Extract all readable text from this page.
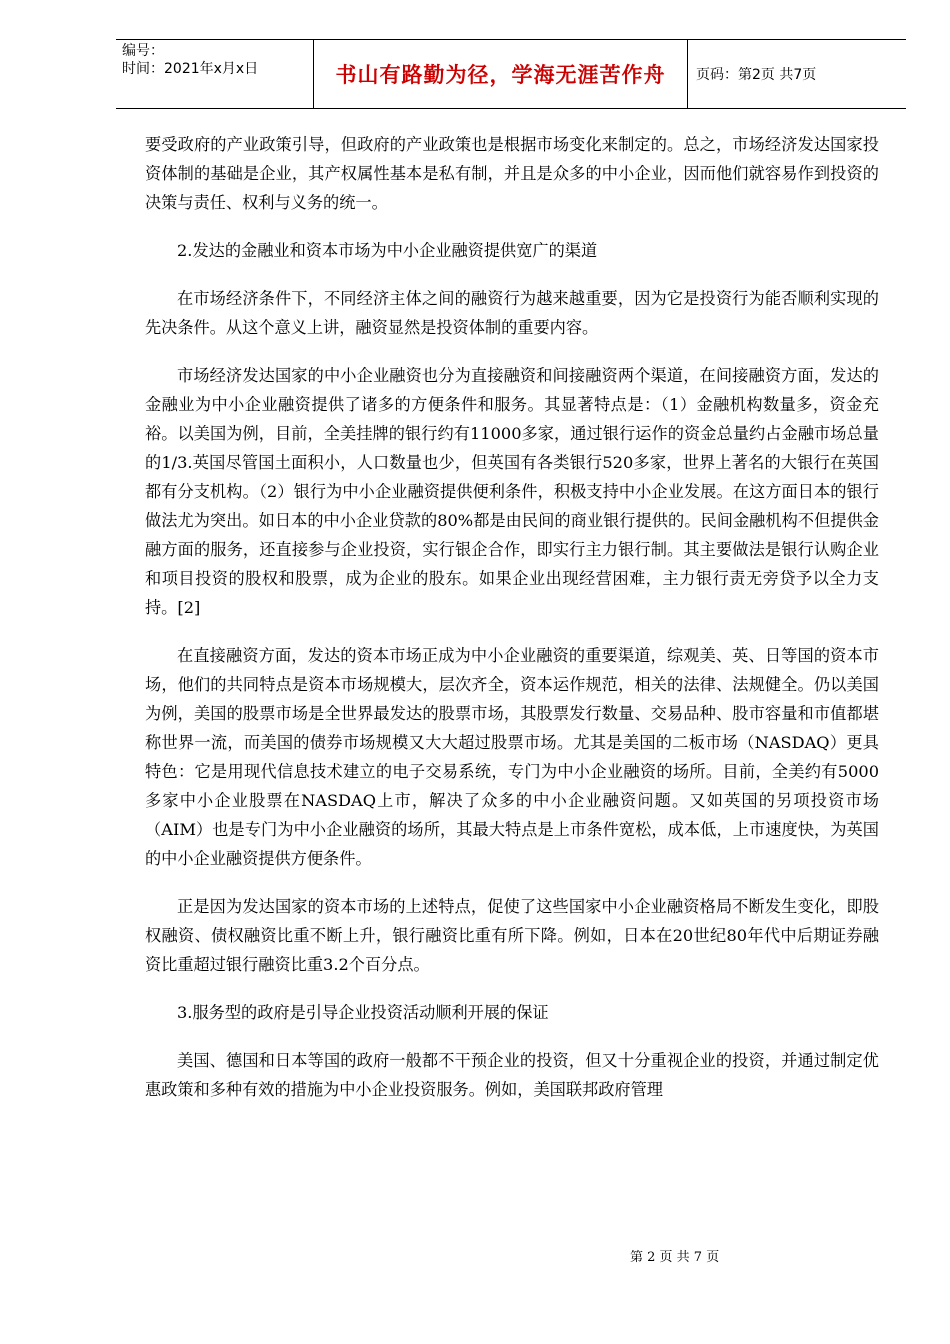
编号：
时间：2021年x月x日	书山有路勤为径，学海无涯苦作舟	页码：第2页 共7页

要受政府的产业政策引导，但政府的产业政策也是根据市场变化来制定的。总之，市场经济发达国家投资体制的基础是企业，其产权属性基本是私有制，并且是众多的中小企业，因而他们就容易作到投资的决策与责任、权利与义务的统一。

2.发达的金融业和资本市场为中小企业融资提供宽广的渠道

在市场经济条件下，不同经济主体之间的融资行为越来越重要，因为它是投资行为能否顺利实现的先决条件。从这个意义上讲，融资显然是投资体制的重要内容。

市场经济发达国家的中小企业融资也分为直接融资和间接融资两个渠道，在间接融资方面，发达的金融业为中小企业融资提供了诸多的方便条件和服务。其显著特点是：（1）金融机构数量多，资金充裕。以美国为例，目前，全美挂牌的银行约有11000多家，通过银行运作的资金总量约占金融市场总量的1/3.英国尽管国土面积小，人口数量也少，但英国有各类银行520多家，世界上著名的大银行在英国都有分支机构。（2）银行为中小企业融资提供便利条件，积极支持中小企业发展。在这方面日本的银行做法尤为突出。如日本的中小企业贷款的80%都是由民间的商业银行提供的。民间金融机构不但提供金融方面的服务，还直接参与企业投资，实行银企合作，即实行主力银行制。其主要做法是银行认购企业和项目投资的股权和股票，成为企业的股东。如果企业出现经营困难，主力银行责无旁贷予以全力支持。[2]

在直接融资方面，发达的资本市场正成为中小企业融资的重要渠道，综观美、英、日等国的资本市场，他们的共同特点是资本市场规模大，层次齐全，资本运作规范，相关的法律、法规健全。仍以美国为例，美国的股票市场是全世界最发达的股票市场，其股票发行数量、交易品种、股市容量和市值都堪称世界一流，而美国的债券市场规模又大大超过股票市场。尤其是美国的二板市场（NASDAQ）更具特色：它是用现代信息技术建立的电子交易系统，专门为中小企业融资的场所。目前，全美约有5000多家中小企业股票在NASDAQ上市，解决了众多的中小企业融资问题。又如英国的另项投资市场（AIM）也是专门为中小企业融资的场所，其最大特点是上市条件宽松，成本低，上市速度快，为英国的中小企业融资提供方便条件。

正是因为发达国家的资本市场的上述特点，促使了这些国家中小企业融资格局不断发生变化，即股权融资、债权融资比重不断上升，银行融资比重有所下降。例如，日本在20世纪80年代中后期证券融资比重超过银行融资比重3.2个百分点。

3.服务型的政府是引导企业投资活动顺利开展的保证

美国、德国和日本等国的政府一般都不干预企业的投资，但又十分重视企业的投资，并通过制定优惠政策和多种有效的措施为中小企业投资服务。例如，美国联邦政府管理

第 2 页 共 7 页
